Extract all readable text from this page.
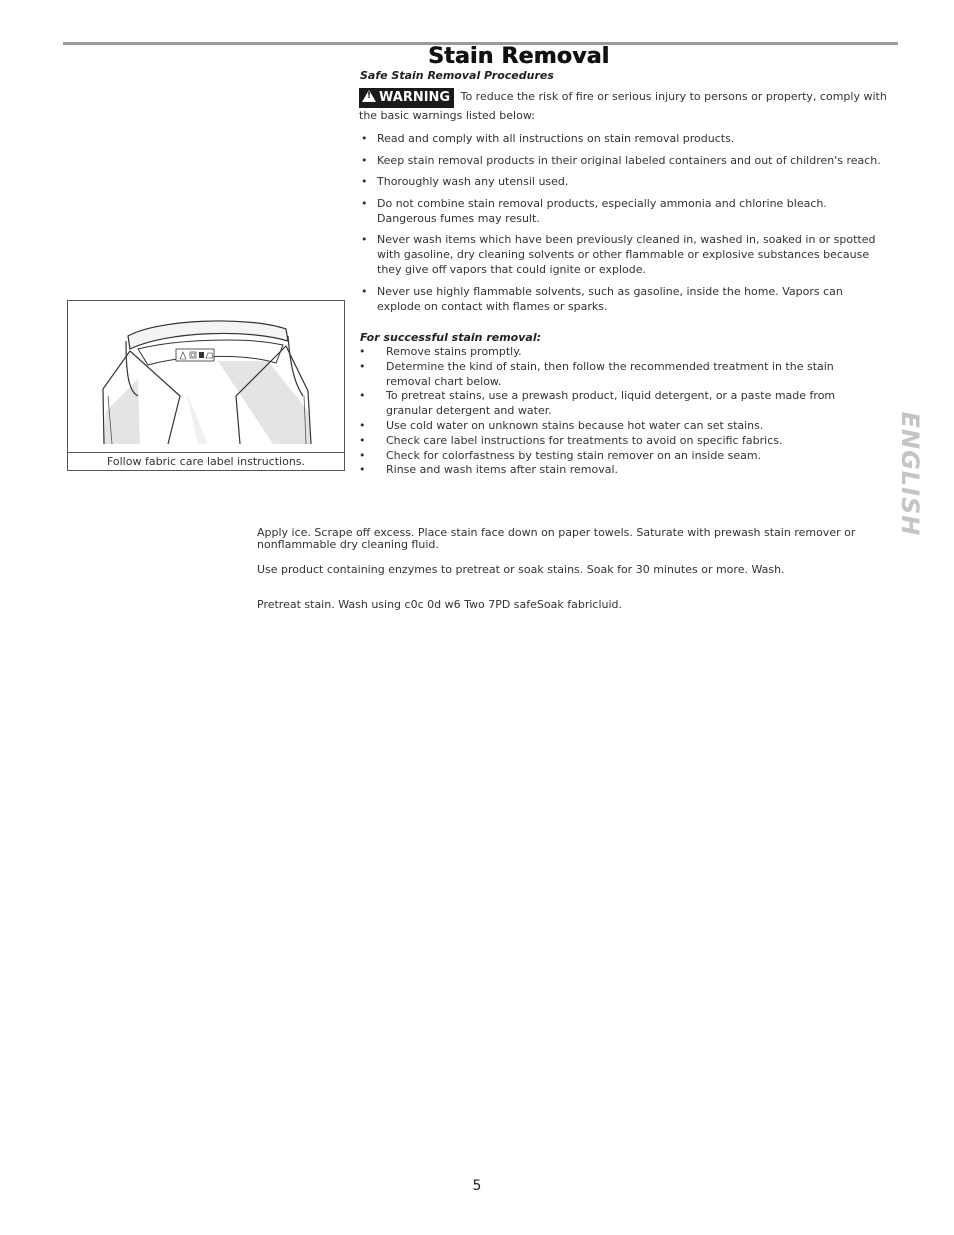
Stain Removal
Safe Stain Removal Procedures
!WARNING To reduce the risk of fire or serious injury to persons or property, comply with the basic warnings listed below:
• Read and comply with all instructions on stain removal products.
• Keep stain removal products in their original labeled containers and out of children's reach.
• Thoroughly wash any utensil used.
• Do not combine stain removal products, especially ammonia and chlorine bleach. Dangerous fumes may result.
• Never wash items which have been previously cleaned in, washed in, soaked in or spotted with gasoline, dry cleaning solvents or other flammable or explosive substances because they give off vapors that could ignite or explode.
• Never use highly flammable solvents, such as gasoline, inside the home. Vapors can explode on contact with flames or sparks.
For successful stain removal:
• Remove stains promptly.
• Determine the kind of stain, then follow the recommended treatment in the stain removal chart below.
• To pretreat stains, use a prewash product, liquid detergent, or a paste made from granular detergent and water.
• Use cold water on unknown stains because hot water can set stains.
• Check care label instructions for treatments to avoid on specific fabrics.
• Check for colorfastness by testing stain remover on an inside seam.
• Rinse and wash items after stain removal.
Follow fabric care label instructions.	ENGLISH

Apply ice. Scrape off excess. Place stain face down on paper towels. Saturate with prewash stain remover or nonflammable dry cleaning fluid.

Use product containing enzymes to pretreat or soak stains. Soak for 30 minutes or more. Wash.

Pretreat stain. Wash using c0c 0d w6 Two 7PD safeSoak fabricluid.

5
